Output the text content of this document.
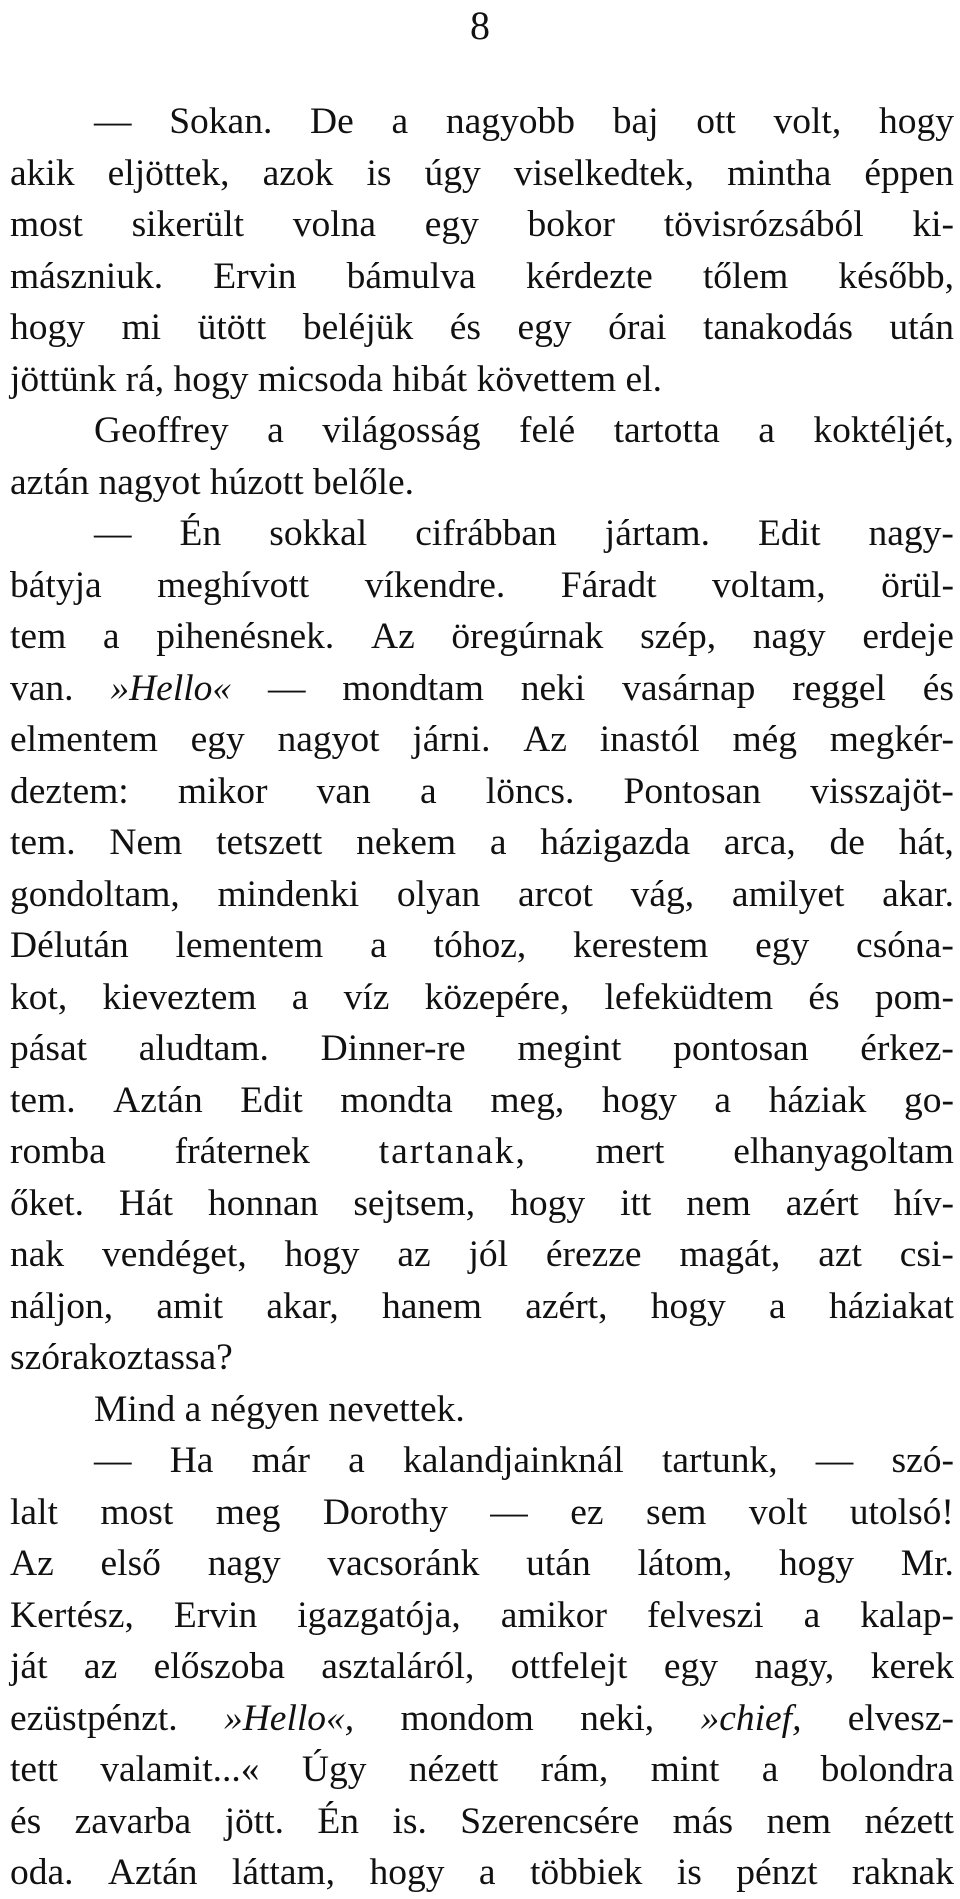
8
— Sokan. De a nagyobb baj ott volt, hogy
akik eljöttek, azok is úgy viselkedtek, mintha éppen
most sikerült volna egy bokor tövisrózsából ki-
mászniuk. Ervin bámulva kérdezte tőlem később,
hogy mi ütött beléjük és egy órai tanakodás után
jöttünk rá, hogy micsoda hibát követtem el.
Geoffrey a világosság felé tartotta a koktéljét,
aztán nagyot húzott belőle.
— Én sokkal cifrábban jártam. Edit nagy-
bátyja meghívott víkendre. Fáradt voltam, örül-
tem a pihenésnek. Az öregúrnak szép, nagy erdeje
van. »Hello« — mondtam neki vasárnap reggel és
elmentem egy nagyot járni. Az inastól még megkér-
deztem: mikor van a löncs. Pontosan visszajöt-
tem. Nem tetszett nekem a házigazda arca, de hát,
gondoltam, mindenki olyan arcot vág, amilyet akar.
Délután lementem a tóhoz, kerestem egy csóna-
kot, kieveztem a víz közepére, lefeküdtem és pom-
pásat aludtam. Dinner-re megint pontosan érkez-
tem. Aztán Edit mondta meg, hogy a háziak go-
romba fráternek tartanak, mert elhanyagoltam
őket. Hát honnan sejtsem, hogy itt nem azért hív-
nak vendéget, hogy az jól érezze magát, azt csi-
náljon, amit akar, hanem azért, hogy a háziakat
szórakoztassa?
Mind a négyen nevettek.
— Ha már a kalandjainknál tartunk, — szó-
lalt most meg Dorothy — ez sem volt utolsó!
Az első nagy vacsoránk után látom, hogy Mr.
Kertész, Ervin igazgatója, amikor felveszi a kalap-
ját az előszoba asztaláról, ottfelejt egy nagy, kerek
ezüstpénzt. »Hello«, mondom neki, »chief, elvesz-
tett valamit...« Úgy nézett rám, mint a bolondra
és zavarba jött. Én is. Szerencsére más nem nézett
oda. Aztán láttam, hogy a többiek is pénzt raknak
